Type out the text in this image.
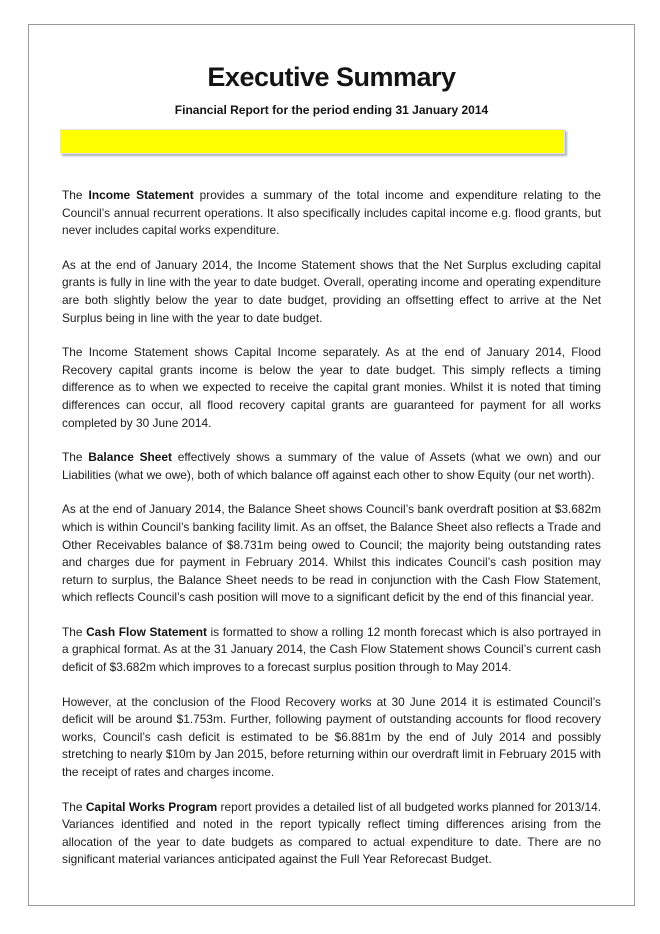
Executive Summary
Financial Report for the period ending 31 January 2014

The Income Statement provides a summary of the total income and expenditure relating to the Council’s annual recurrent operations. It also specifically includes capital income e.g. flood grants, but never includes capital works expenditure.

As at the end of January 2014, the Income Statement shows that the Net Surplus excluding capital grants is fully in line with the year to date budget. Overall, operating income and operating expenditure are both slightly below the year to date budget, providing an offsetting effect to arrive at the Net Surplus being in line with the year to date budget.

The Income Statement shows Capital Income separately. As at the end of January 2014, Flood Recovery capital grants income is below the year to date budget. This simply reflects a timing difference as to when we expected to receive the capital grant monies. Whilst it is noted that timing differences can occur, all flood recovery capital grants are guaranteed for payment for all works completed by 30 June 2014.

The Balance Sheet effectively shows a summary of the value of Assets (what we own) and our Liabilities (what we owe), both of which balance off against each other to show Equity (our net worth).

As at the end of January 2014, the Balance Sheet shows Council’s bank overdraft position at $3.682m which is within Council’s banking facility limit. As an offset, the Balance Sheet also reflects a Trade and Other Receivables balance of $8.731m being owed to Council; the majority being outstanding rates and charges due for payment in February 2014. Whilst this indicates Council’s cash position may return to surplus, the Balance Sheet needs to be read in conjunction with the Cash Flow Statement, which reflects Council’s cash position will move to a significant deficit by the end of this financial year.

The Cash Flow Statement is formatted to show a rolling 12 month forecast which is also portrayed in a graphical format. As at the 31 January 2014, the Cash Flow Statement shows Council’s current cash deficit of $3.682m which improves to a forecast surplus position through to May 2014.

However, at the conclusion of the Flood Recovery works at 30 June 2014 it is estimated Council’s deficit will be around $1.753m. Further, following payment of outstanding accounts for flood recovery works, Council’s cash deficit is estimated to be $6.881m by the end of July 2014 and possibly stretching to nearly $10m by Jan 2015, before returning within our overdraft limit in February 2015 with the receipt of rates and charges income.

The Capital Works Program report provides a detailed list of all budgeted works planned for 2013/14. Variances identified and noted in the report typically reflect timing differences arising from the allocation of the year to date budgets as compared to actual expenditure to date. There are no significant material variances anticipated against the Full Year Reforecast Budget.
